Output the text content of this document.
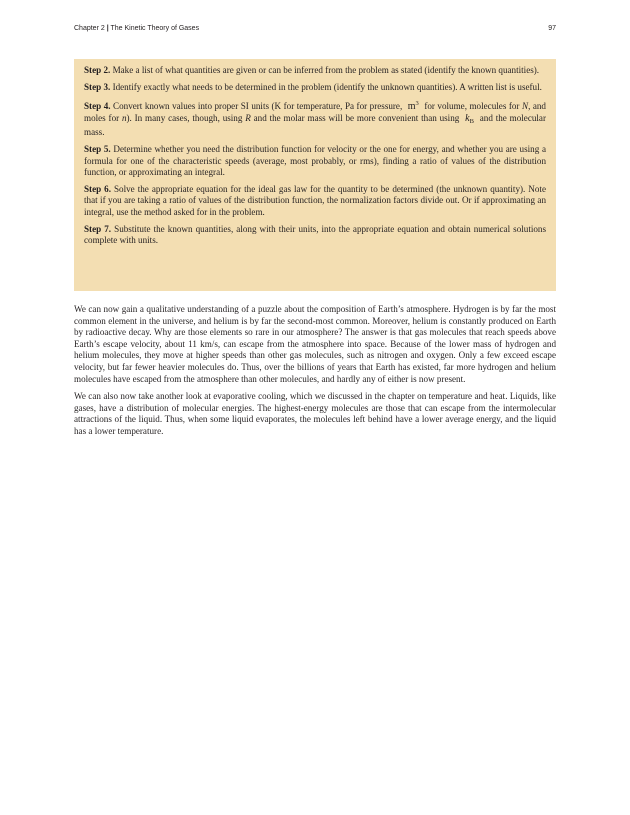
Chapter 2 | The Kinetic Theory of Gases	97

Step 2. Make a list of what quantities are given or can be inferred from the problem as stated (identify the known quantities).

Step 3. Identify exactly what needs to be determined in the problem (identify the unknown quantities). A written list is useful.

Step 4. Convert known values into proper SI units (K for temperature, Pa for pressure, $m^3$ for volume, molecules for N, and moles for n). In many cases, though, using R and the molar mass will be more convenient than using $k_B$ and the molecular mass.

Step 5. Determine whether you need the distribution function for velocity or the one for energy, and whether you are using a formula for one of the characteristic speeds (average, most probably, or rms), finding a ratio of values of the distribution function, or approximating an integral.

Step 6. Solve the appropriate equation for the ideal gas law for the quantity to be determined (the unknown quantity). Note that if you are taking a ratio of values of the distribution function, the normalization factors divide out. Or if approximating an integral, use the method asked for in the problem.

Step 7. Substitute the known quantities, along with their units, into the appropriate equation and obtain numerical solutions complete with units.

We can now gain a qualitative understanding of a puzzle about the composition of Earth’s atmosphere. Hydrogen is by far the most common element in the universe, and helium is by far the second-most common. Moreover, helium is constantly produced on Earth by radioactive decay. Why are those elements so rare in our atmosphere? The answer is that gas molecules that reach speeds above Earth’s escape velocity, about 11 km/s, can escape from the atmosphere into space. Because of the lower mass of hydrogen and helium molecules, they move at higher speeds than other gas molecules, such as nitrogen and oxygen. Only a few exceed escape velocity, but far fewer heavier molecules do. Thus, over the billions of years that Earth has existed, far more hydrogen and helium molecules have escaped from the atmosphere than other molecules, and hardly any of either is now present.

We can also now take another look at evaporative cooling, which we discussed in the chapter on temperature and heat. Liquids, like gases, have a distribution of molecular energies. The highest-energy molecules are those that can escape from the intermolecular attractions of the liquid. Thus, when some liquid evaporates, the molecules left behind have a lower average energy, and the liquid has a lower temperature.
